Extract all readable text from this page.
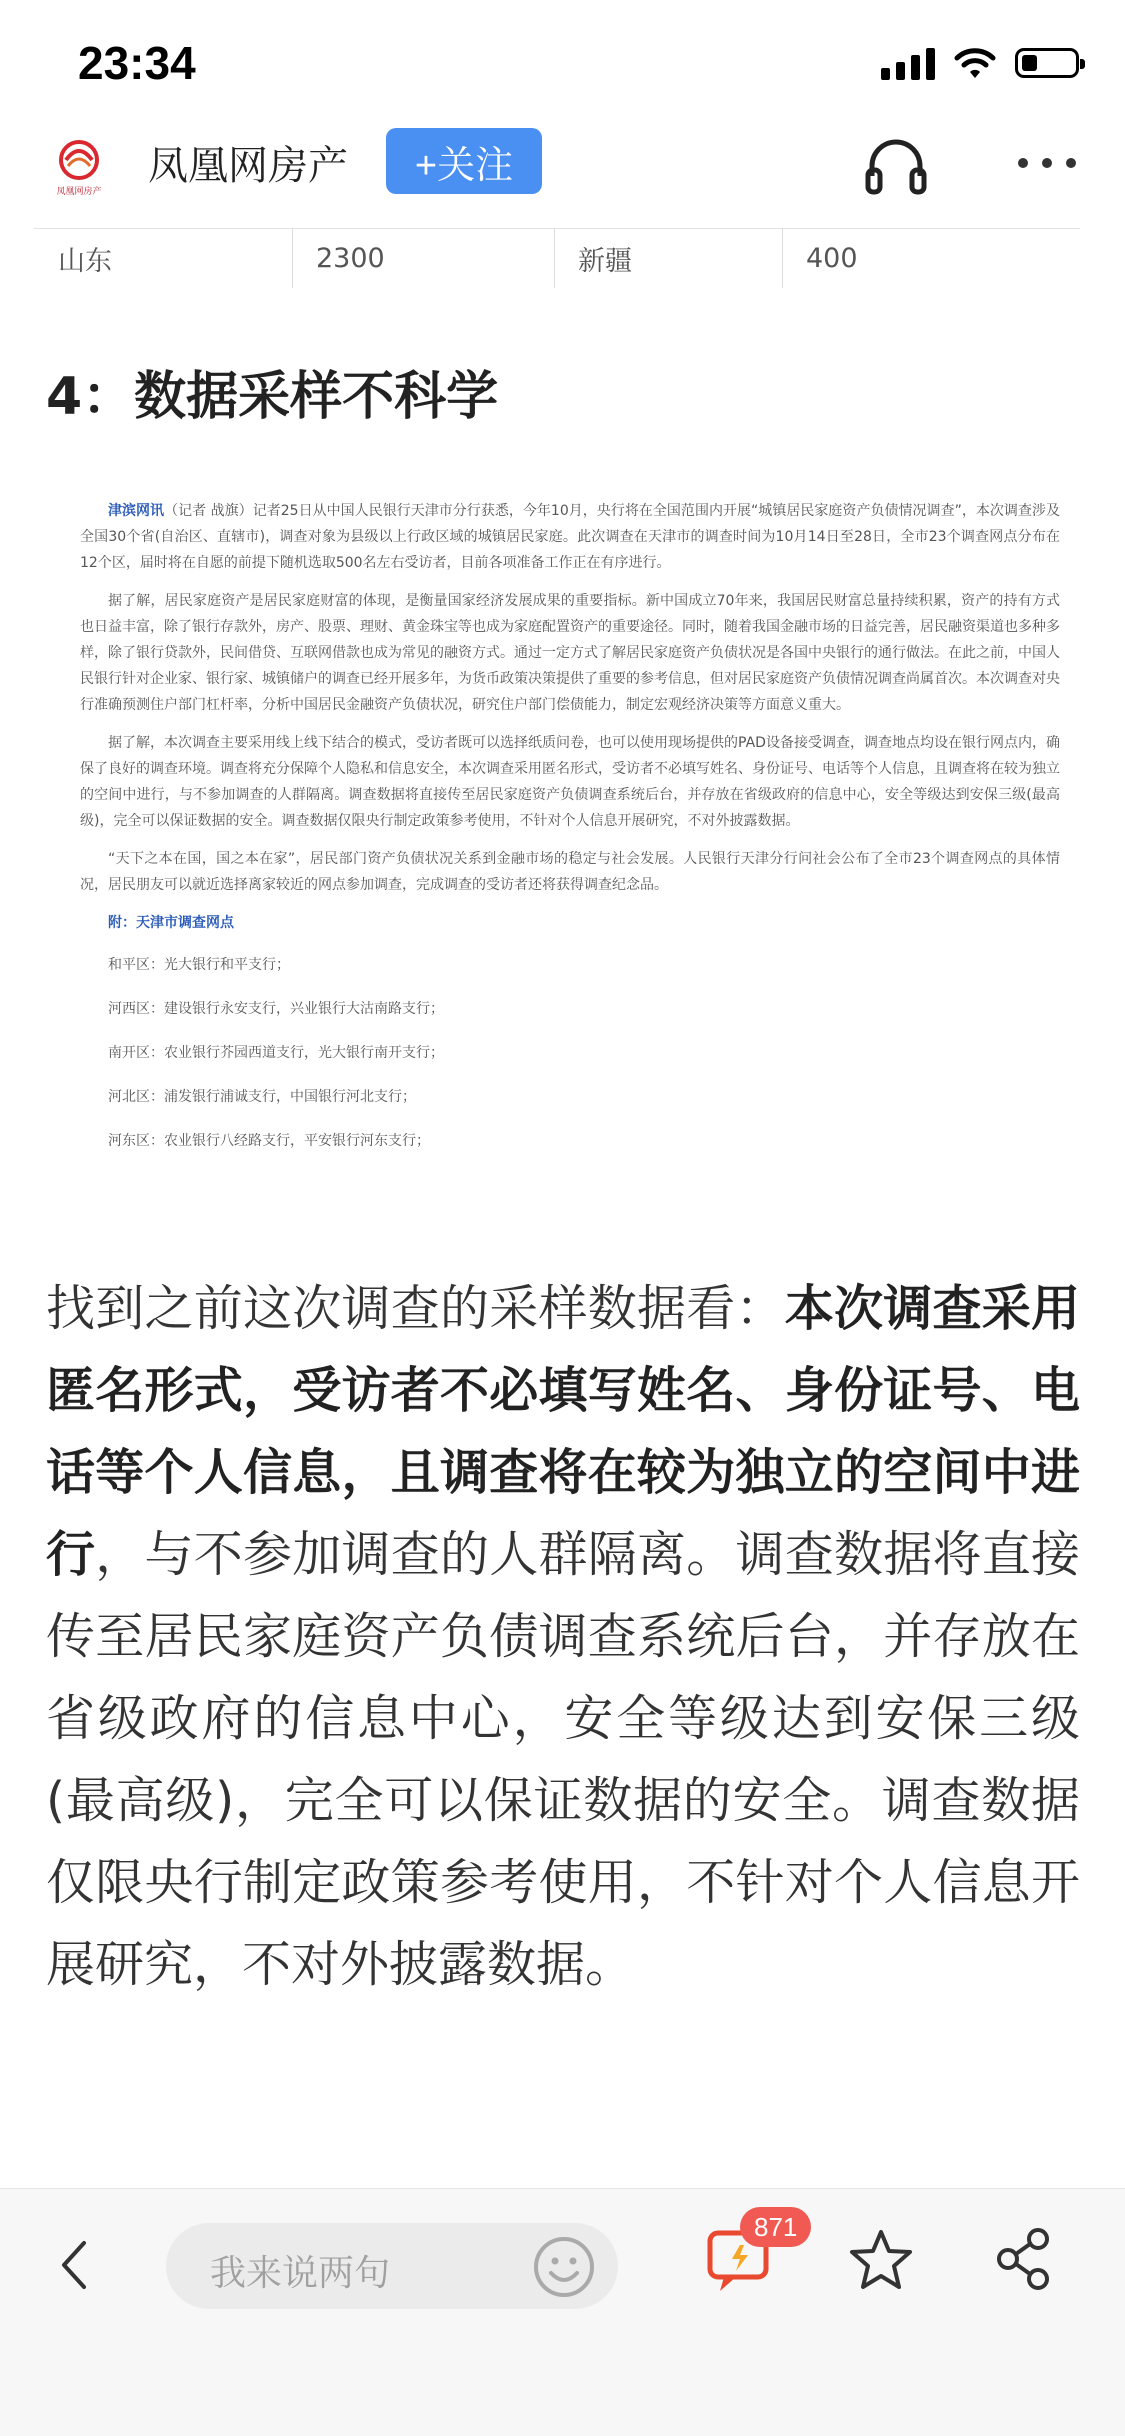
23:34
凤凰网房产
凤凰网房产	+关注
山东	2300	新疆	400
4：数据采样不科学

津滨网讯（记者 战旗）记者25日从中国人民银行天津市分行获悉，今年10月，央行将在全国范围内开展“城镇居民家庭资产负债情况调查”，本次调查涉及全国30个省(自治区、直辖市)，调查对象为县级以上行政区域的城镇居民家庭。此次调查在天津市的调查时间为10月14日至28日，全市23个调查网点分布在12个区，届时将在自愿的前提下随机选取500名左右受访者，目前各项准备工作正在有序进行。

据了解，居民家庭资产是居民家庭财富的体现，是衡量国家经济发展成果的重要指标。新中国成立70年来，我国居民财富总量持续积累，资产的持有方式也日益丰富，除了银行存款外，房产、股票、理财、黄金珠宝等也成为家庭配置资产的重要途径。同时，随着我国金融市场的日益完善，居民融资渠道也多种多样，除了银行贷款外，民间借贷、互联网借款也成为常见的融资方式。通过一定方式了解居民家庭资产负债状况是各国中央银行的通行做法。在此之前，中国人民银行针对企业家、银行家、城镇储户的调查已经开展多年，为货币政策决策提供了重要的参考信息，但对居民家庭资产负债情况调查尚属首次。本次调查对央行准确预测住户部门杠杆率，分析中国居民金融资产负债状况，研究住户部门偿债能力，制定宏观经济决策等方面意义重大。

据了解，本次调查主要采用线上线下结合的模式，受访者既可以选择纸质问卷，也可以使用现场提供的PAD设备接受调查，调查地点均设在银行网点内，确保了良好的调查环境。调查将充分保障个人隐私和信息安全，本次调查采用匿名形式，受访者不必填写姓名、身份证号、电话等个人信息，且调查将在较为独立的空间中进行，与不参加调查的人群隔离。调查数据将直接传至居民家庭资产负债调查系统后台，并存放在省级政府的信息中心，安全等级达到安保三级(最高级)，完全可以保证数据的安全。调查数据仅限央行制定政策参考使用，不针对个人信息开展研究，不对外披露数据。

“天下之本在国，国之本在家”，居民部门资产负债状况关系到金融市场的稳定与社会发展。人民银行天津分行问社会公布了全市23个调查网点的具体情况，居民朋友可以就近选择离家较近的网点参加调查，完成调查的受访者还将获得调查纪念品。

附：天津市调查网点
和平区：光大银行和平支行；
河西区：建设银行永安支行，兴业银行大沽南路支行；
南开区：农业银行芥园西道支行，光大银行南开支行；
河北区：浦发银行浦诚支行，中国银行河北支行；
河东区：农业银行八经路支行，平安银行河东支行；
找到之前这次调查的采样数据看：本次调查采用匿名形式，受访者不必填写姓名、身份证号、电话等个人信息，且调查将在较为独立的空间中进行，与不参加调查的人群隔离。调查数据将直接传至居民家庭资产负债调查系统后台，并存放在省级政府的信息中心，安全等级达到安保三级(最高级)，完全可以保证数据的安全。调查数据仅限央行制定政策参考使用，不针对个人信息开展研究，不对外披露数据。
我来说两句
871
